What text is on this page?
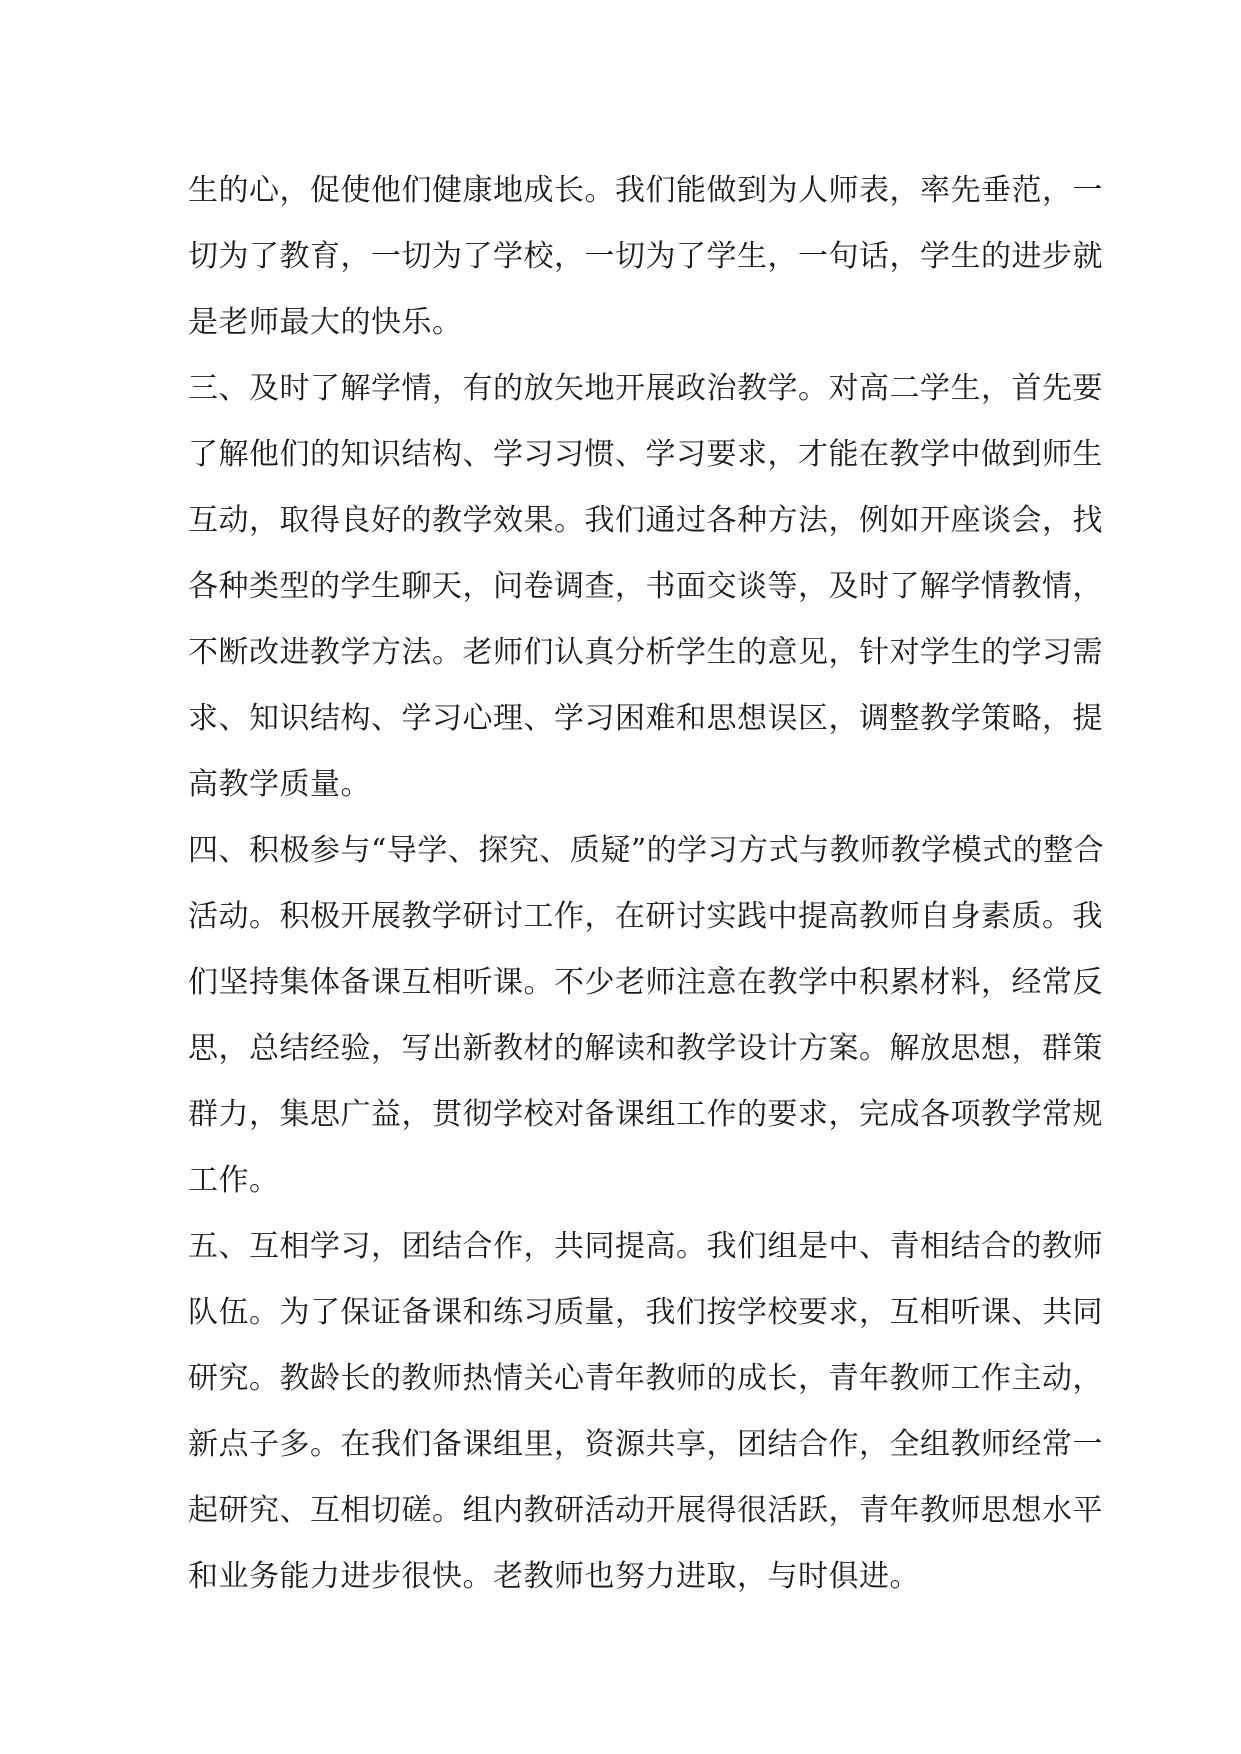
生的心，促使他们健康地成长。我们能做到为人师表，率先垂范，一
切为了教育，一切为了学校，一切为了学生，一句话，学生的进步就
是老师最大的快乐。
三、及时了解学情，有的放矢地开展政治教学。对高二学生，首先要
了解他们的知识结构、学习习惯、学习要求，才能在教学中做到师生
互动，取得良好的教学效果。我们通过各种方法，例如开座谈会，找
各种类型的学生聊天，问卷调查，书面交谈等，及时了解学情教情，
不断改进教学方法。老师们认真分析学生的意见，针对学生的学习需
求、知识结构、学习心理、学习困难和思想误区，调整教学策略，提
高教学质量。
四、积极参与“导学、探究、质疑”的学习方式与教师教学模式的整合
活动。积极开展教学研讨工作，在研讨实践中提高教师自身素质。我
们坚持集体备课互相听课。不少老师注意在教学中积累材料，经常反
思，总结经验，写出新教材的解读和教学设计方案。解放思想，群策
群力，集思广益，贯彻学校对备课组工作的要求，完成各项教学常规
工作。
五、互相学习，团结合作，共同提高。我们组是中、青相结合的教师
队伍。为了保证备课和练习质量，我们按学校要求，互相听课、共同
研究。教龄长的教师热情关心青年教师的成长，青年教师工作主动，
新点子多。在我们备课组里，资源共享，团结合作，全组教师经常一
起研究、互相切磋。组内教研活动开展得很活跃，青年教师思想水平
和业务能力进步很快。老教师也努力进取，与时俱进。
